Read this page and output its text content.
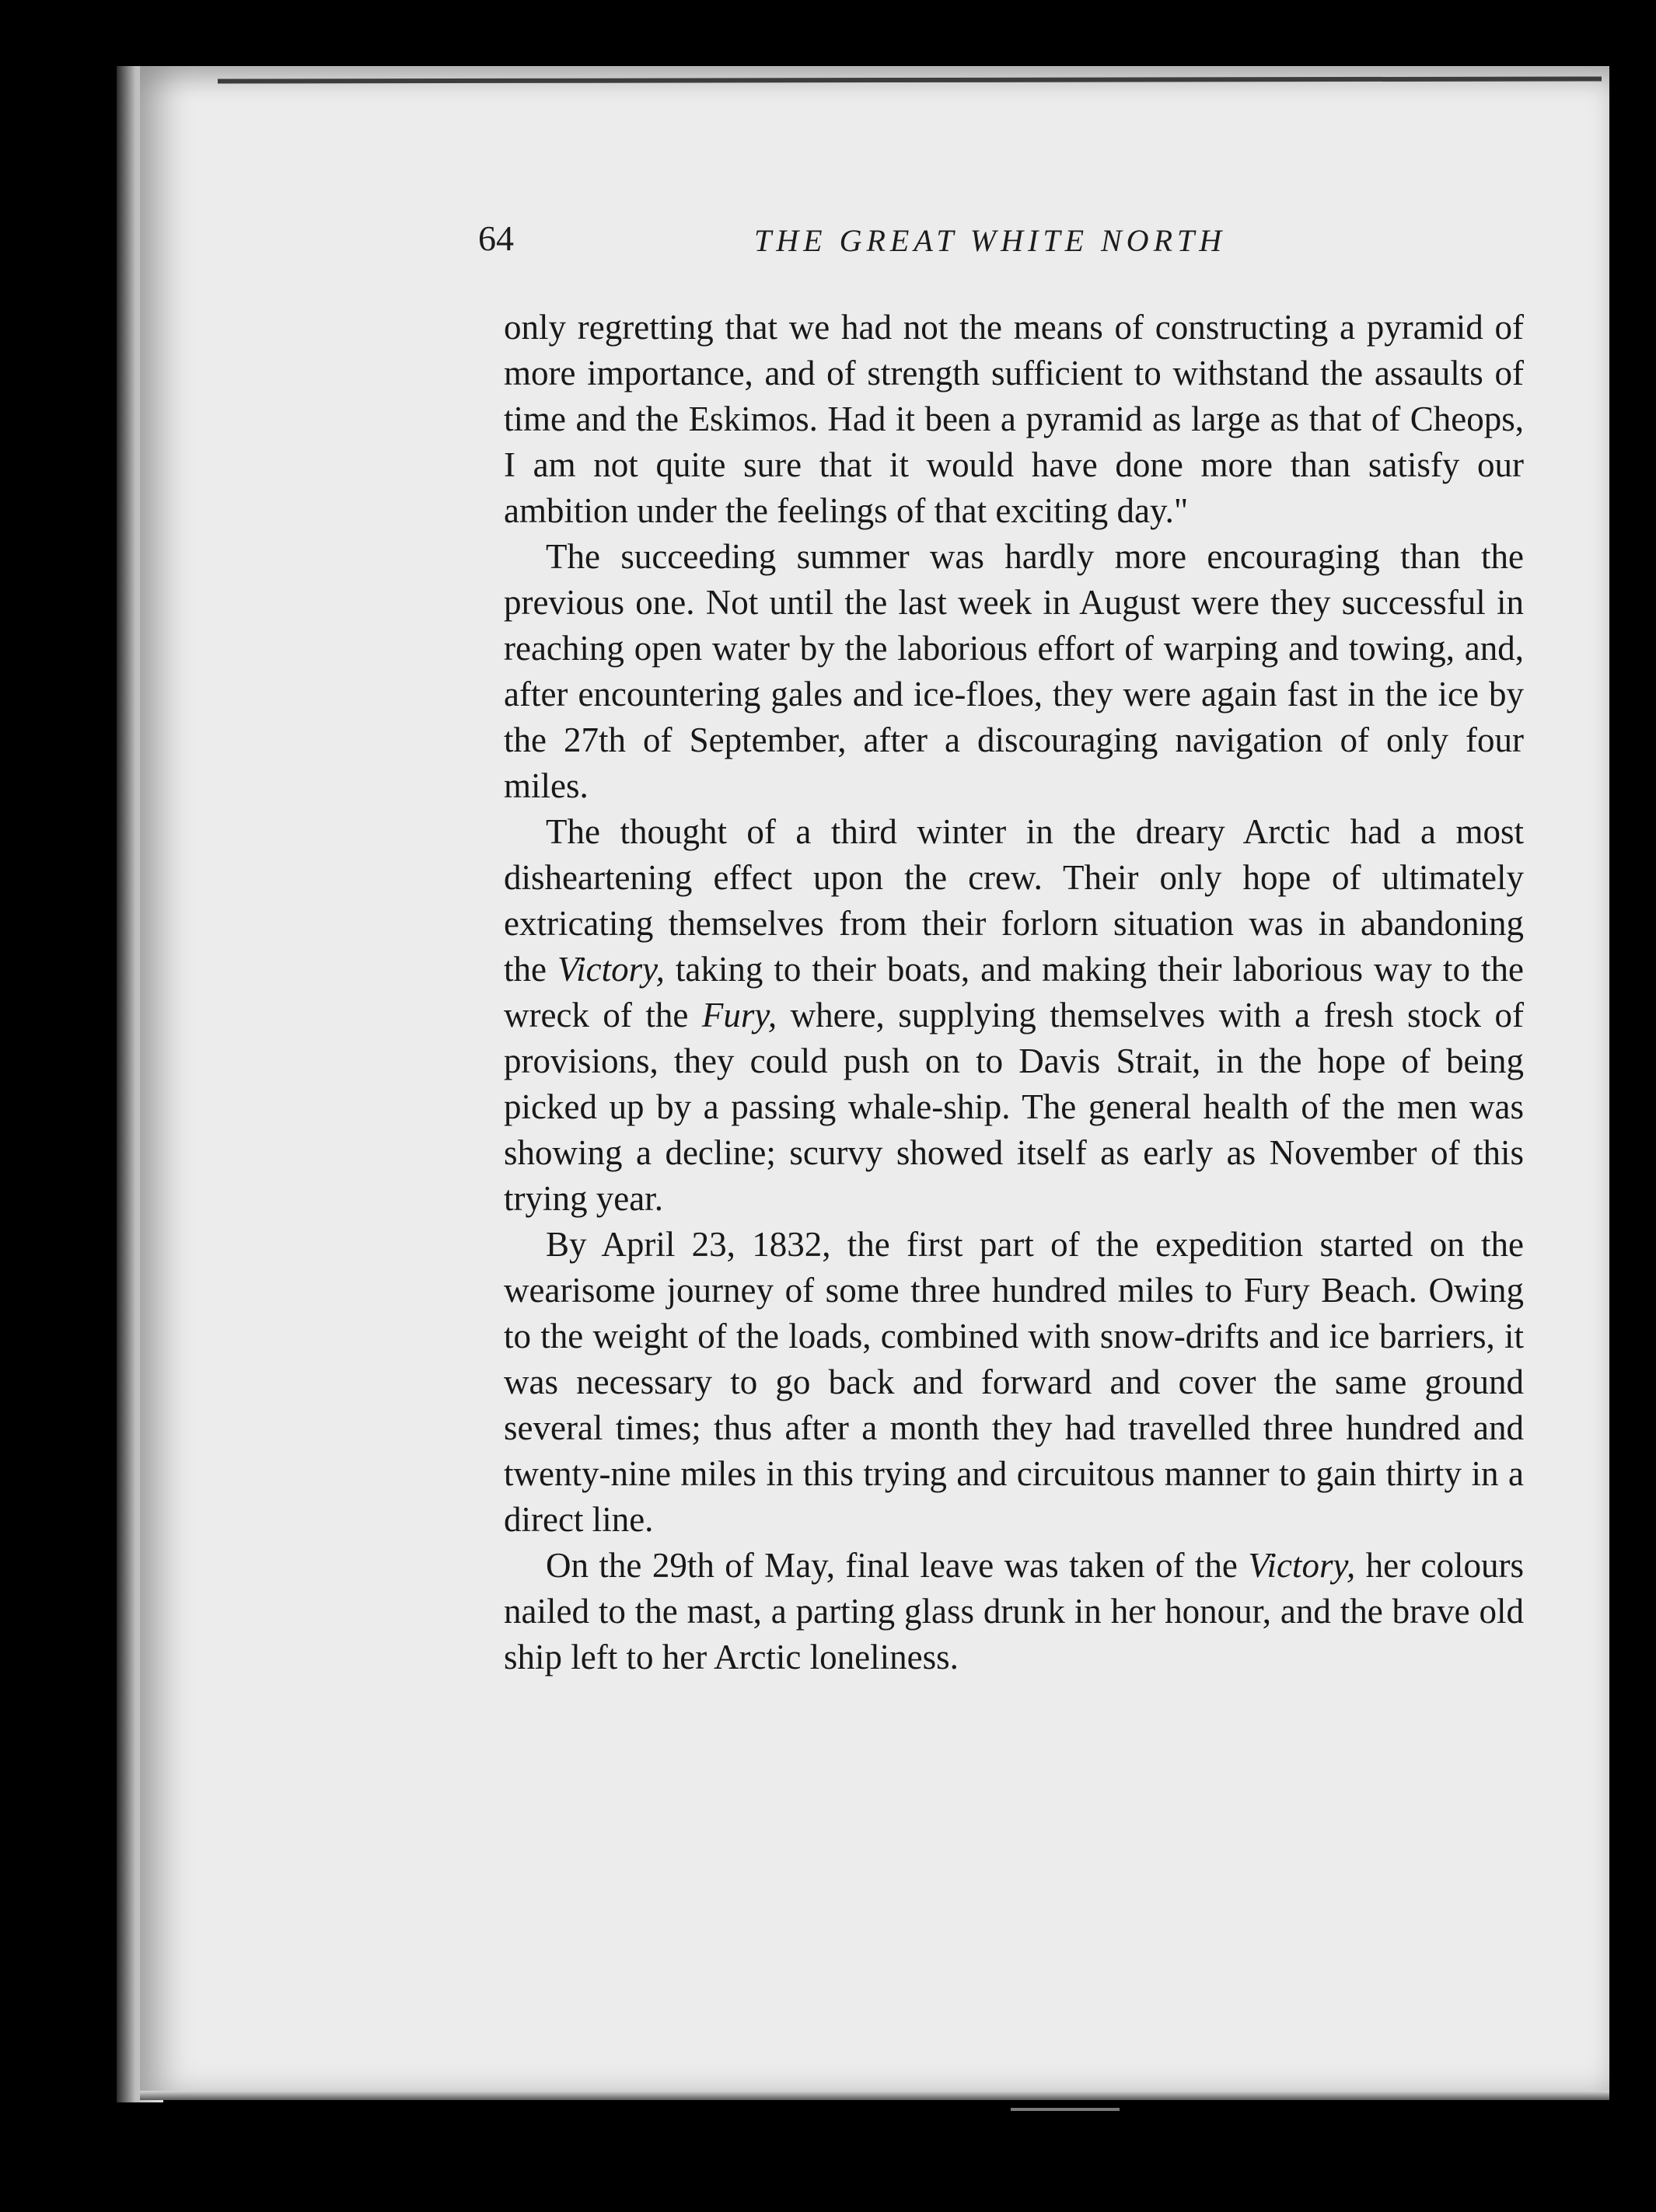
64	THE GREAT WHITE NORTH

only regretting that we had not the means of constructing a pyramid of more importance, and of strength sufficient to withstand the assaults of time and the Eskimos. Had it been a pyramid as large as that of Cheops, I am not quite sure that it would have done more than satisfy our ambition under the feelings of that exciting day."

The succeeding summer was hardly more encouraging than the previous one. Not until the last week in August were they successful in reaching open water by the laborious effort of warping and towing, and, after encountering gales and ice-floes, they were again fast in the ice by the 27th of September, after a discouraging navigation of only four miles.

The thought of a third winter in the dreary Arctic had a most disheartening effect upon the crew. Their only hope of ultimately extricating themselves from their forlorn situation was in abandoning the Victory, taking to their boats, and making their laborious way to the wreck of the Fury, where, supplying themselves with a fresh stock of provisions, they could push on to Davis Strait, in the hope of being picked up by a passing whale-ship. The general health of the men was showing a decline; scurvy showed itself as early as November of this trying year.

By April 23, 1832, the first part of the expedition started on the wearisome journey of some three hundred miles to Fury Beach. Owing to the weight of the loads, combined with snow-drifts and ice barriers, it was necessary to go back and forward and cover the same ground several times; thus after a month they had travelled three hundred and twenty-nine miles in this trying and circuitous manner to gain thirty in a direct line.

On the 29th of May, final leave was taken of the Victory, her colours nailed to the mast, a parting glass drunk in her honour, and the brave old ship left to her Arctic loneliness.
